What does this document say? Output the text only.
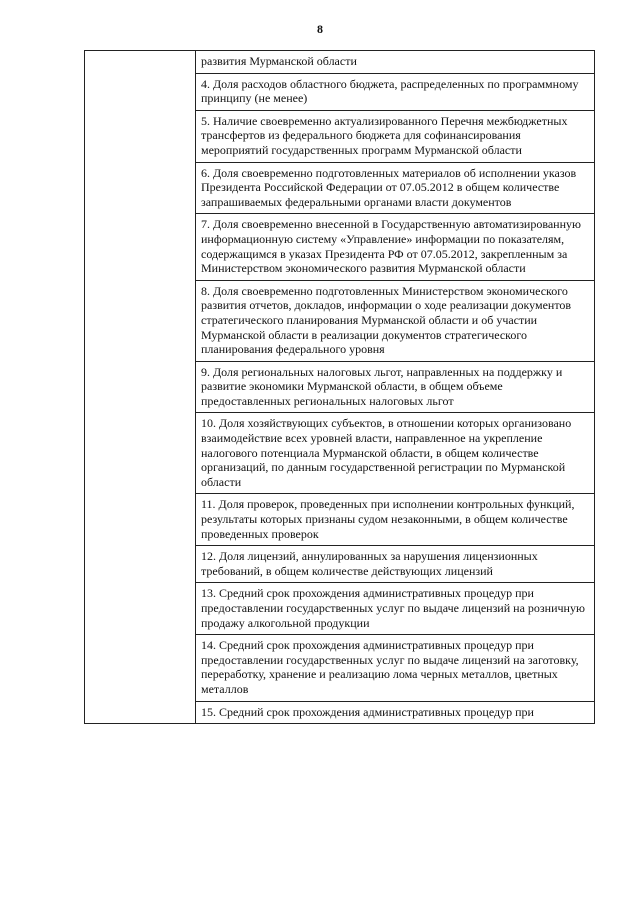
8
	развития Мурманской области
4. Доля расходов областного бюджета, распределенных по программному принципу (не менее)
5. Наличие своевременно актуализированного Перечня межбюджетных трансфертов из федерального бюджета для софинансирования мероприятий государственных программ Мурманской области
6. Доля своевременно подготовленных материалов об исполнении указов Президента Российской Федерации от 07.05.2012 в общем количестве запрашиваемых федеральными органами власти документов
7. Доля своевременно внесенной в Государственную автоматизированную информационную систему «Управление» информации по показателям, содержащимся в указах Президента РФ от 07.05.2012, закрепленным за Министерством экономического развития Мурманской области
8. Доля своевременно подготовленных Министерством экономического развития отчетов, докладов, информации о ходе реализации документов стратегического планирования Мурманской области и об участии Мурманской области в реализации документов стратегического планирования федерального уровня
9. Доля региональных налоговых льгот, направленных на поддержку и развитие экономики Мурманской области, в общем объеме предоставленных региональных налоговых льгот
10. Доля хозяйствующих субъектов, в отношении которых организовано взаимодействие всех уровней власти, направленное на укрепление налогового потенциала Мурманской области, в общем количестве организаций, по данным государственной регистрации по Мурманской области
11. Доля проверок, проведенных при исполнении контрольных функций, результаты которых признаны судом незаконными, в общем количестве проведенных проверок
12. Доля лицензий, аннулированных за нарушения лицензионных требований, в общем количестве действующих лицензий
13. Средний срок прохождения административных процедур при предоставлении государственных услуг по выдаче лицензий на розничную продажу алкогольной продукции
14. Средний срок прохождения административных процедур при предоставлении государственных услуг по выдаче лицензий на заготовку, переработку, хранение и реализацию лома черных металлов, цветных металлов
15. Средний срок прохождения административных процедур при
